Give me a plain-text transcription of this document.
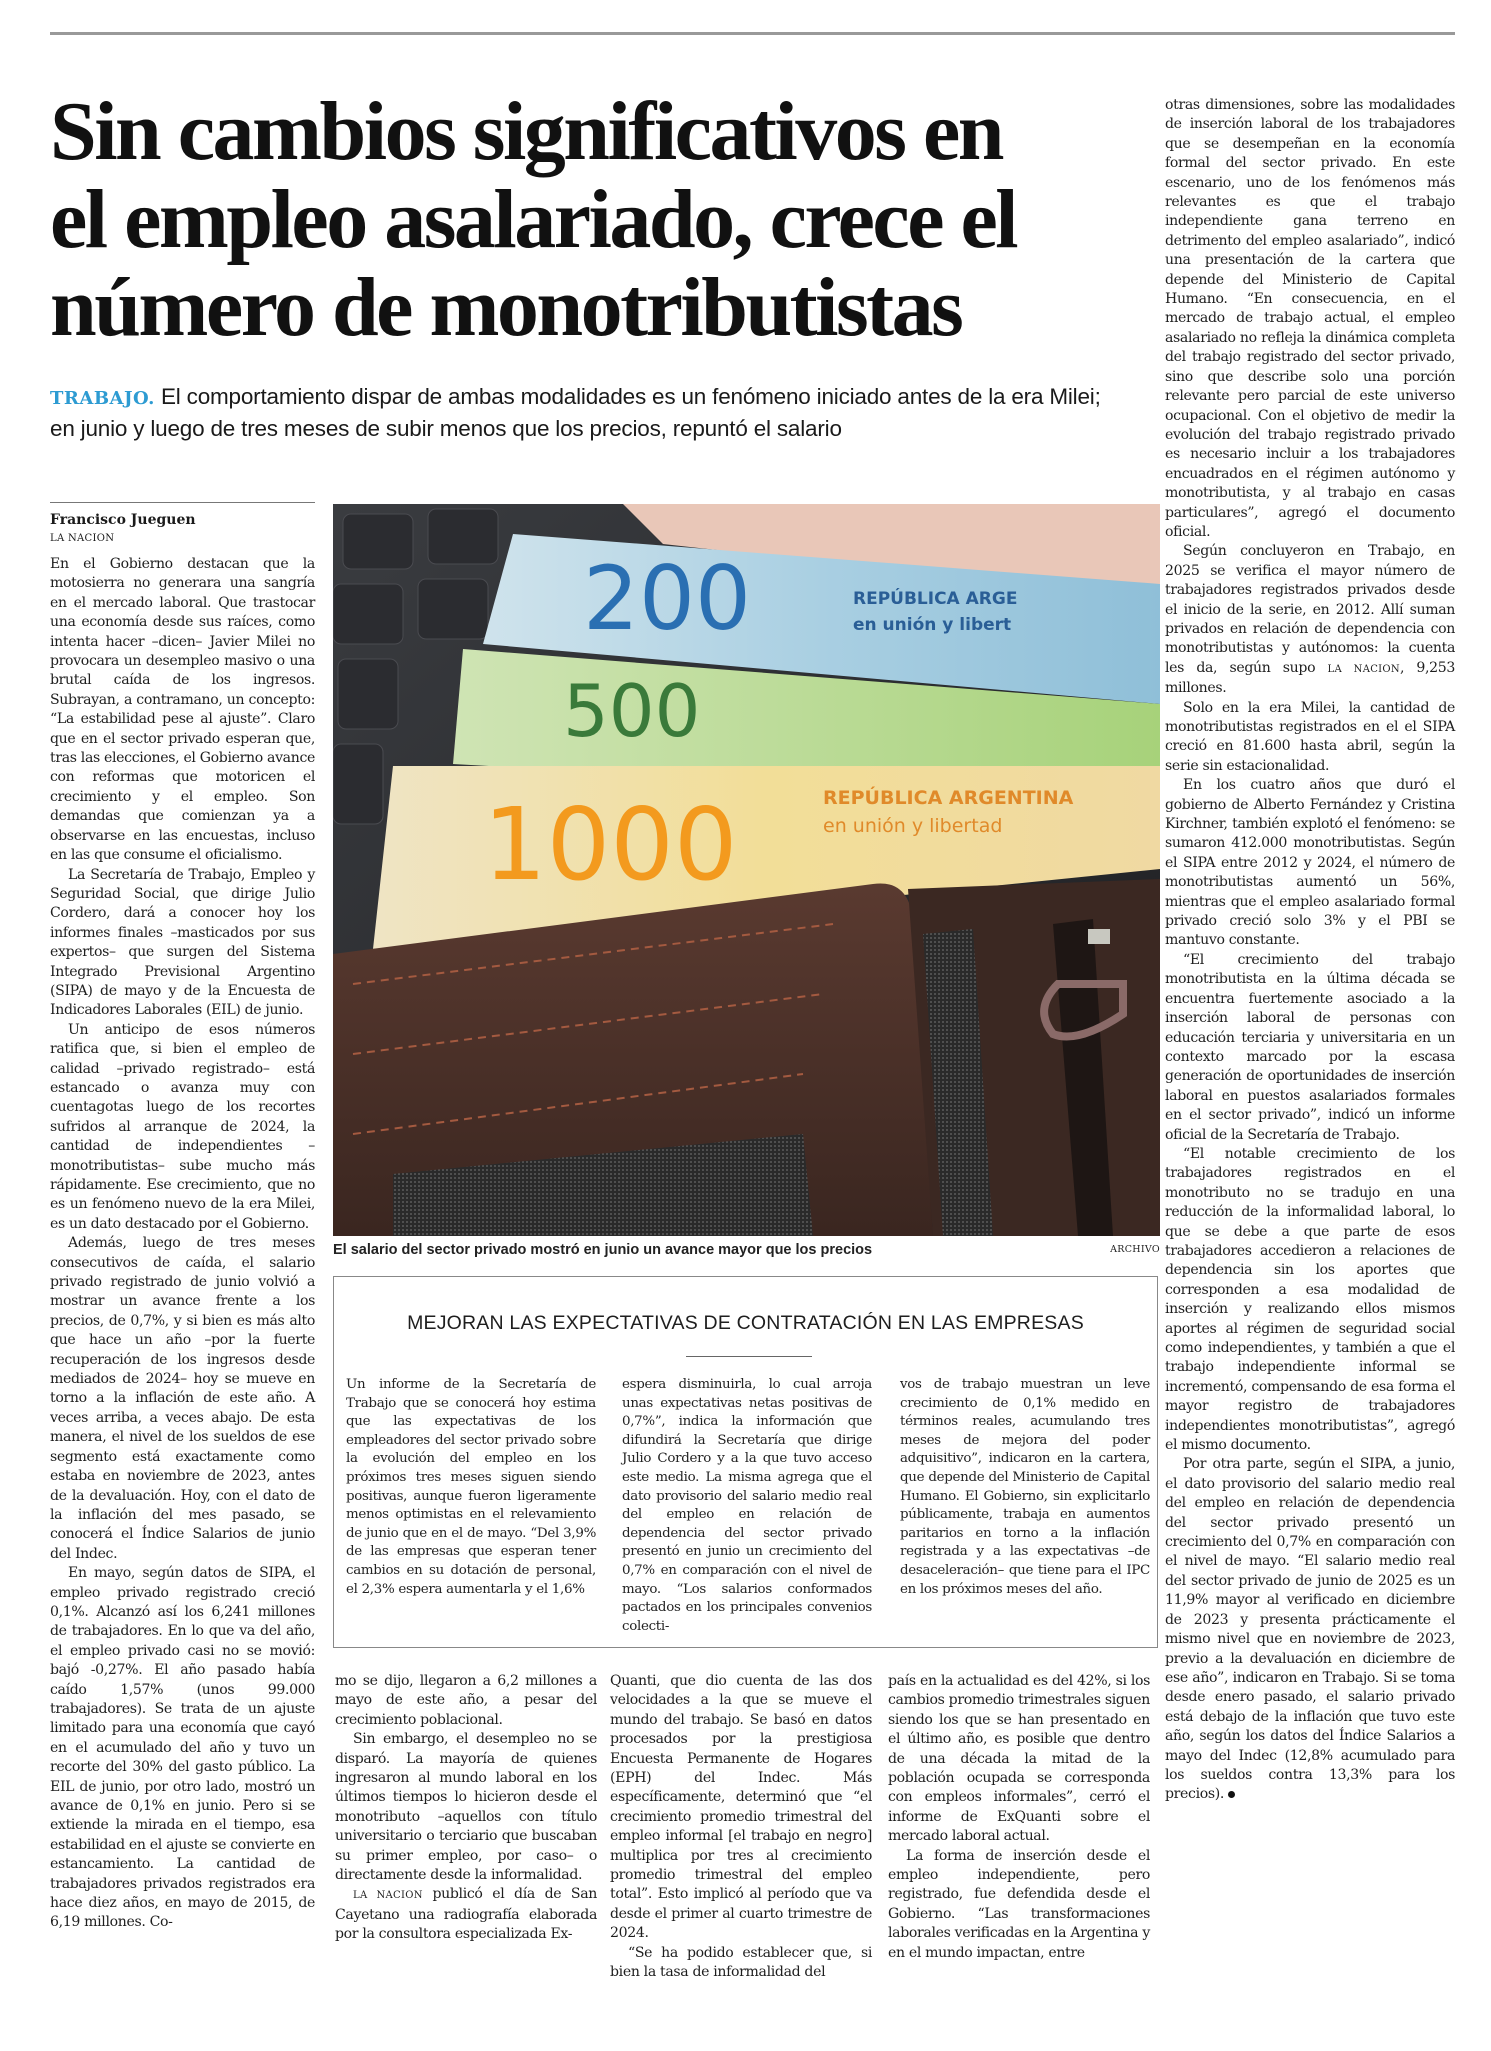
Sin cambios significativos en
el empleo asalariado, crece el
número de monotributistas
TRABAJO. El comportamiento dispar de ambas modalidades es un fenómeno iniciado antes de la era Milei; en junio y luego de tres meses de subir menos que los precios, repuntó el salario
Francisco Jueguen
LA NACION

En el Gobierno destacan que la motosierra no generara una sangría en el mercado laboral. Que trastocar una economía desde sus raíces, como intenta hacer –dicen– Javier Milei no provocara un desempleo masivo o una brutal caída de los ingresos. Subrayan, a contramano, un concepto: “La estabilidad pese al ajuste”. Claro que en el sector privado esperan que, tras las elecciones, el Gobierno avance con reformas que motoricen el crecimiento y el empleo. Son demandas que comienzan ya a observarse en las encuestas, incluso en las que consume el oficialismo.

La Secretaría de Trabajo, Empleo y Seguridad Social, que dirige Julio Cordero, dará a conocer hoy los informes finales –masticados por sus expertos– que surgen del Sistema Integrado Previsional Argentino (SIPA) de mayo y de la Encuesta de Indicadores Laborales (EIL) de junio.

Un anticipo de esos números ratifica que, si bien el empleo de calidad –privado registrado– está estancado o avanza muy con cuentagotas luego de los recortes sufridos al arranque de 2024, la cantidad de independientes –monotributistas– sube mucho más rápidamente. Ese crecimiento, que no es un fenómeno nuevo de la era Milei, es un dato destacado por el Gobierno.

Además, luego de tres meses consecutivos de caída, el salario privado registrado de junio volvió a mostrar un avance frente a los precios, de 0,7%, y si bien es más alto que hace un año –por la fuerte recuperación de los ingresos desde mediados de 2024– hoy se mueve en torno a la inflación de este año. A veces arriba, a veces abajo. De esta manera, el nivel de los sueldos de ese segmento está exactamente como estaba en noviembre de 2023, antes de la devaluación. Hoy, con el dato de la inflación del mes pasado, se conocerá el Índice Salarios de junio del Indec.

En mayo, según datos de SIPA, el empleo privado registrado creció 0,1%. Alcanzó así los 6,241 millones de trabajadores. En lo que va del año, el empleo privado casi no se movió: bajó -0,27%. El año pasado había caído 1,57% (unos 99.000 trabajadores). Se trata de un ajuste limitado para una economía que cayó en el acumulado del año y tuvo un recorte del 30% del gasto público. La EIL de junio, por otro lado, mostró un avance de 0,1% en junio. Pero si se extiende la mirada en el tiempo, esa estabilidad en el ajuste se convierte en estancamiento. La cantidad de trabajadores privados registrados era hace diez años, en mayo de 2015, de 6,19 millones. Co-

200	REPÚBLICA ARGE
en unión y libert
500
1000	REPÚBLICA ARGENTINA
en unión y libertad
El salario del sector privado mostró en junio un avance mayor que los precios	ARCHIVO
MEJORAN LAS EXPECTATIVAS DE CONTRATACIÓN EN LAS EMPRESAS

Un informe de la Secretaría de Trabajo que se conocerá hoy estima que las expectativas de los empleadores del sector privado sobre la evolución del empleo en los próximos tres meses siguen siendo positivas, aunque fueron ligeramente menos optimistas en el relevamiento de junio que en el de mayo. “Del 3,9% de las empresas que esperan tener cambios en su dotación de personal, el 2,3% espera aumentarla y el 1,6%

espera disminuirla, lo cual arroja unas expectativas netas positivas de 0,7%”, indica la información que difundirá la Secretaría que dirige Julio Cordero y a la que tuvo acceso este medio. La misma agrega que el dato provisorio del salario medio real del empleo en relación de dependencia del sector privado presentó en junio un crecimiento del 0,7% en comparación con el nivel de mayo. “Los salarios conformados pactados en los principales convenios colecti-

vos de trabajo muestran un leve crecimiento de 0,1% medido en términos reales, acumulando tres meses de mejora del poder adquisitivo”, indicaron en la cartera, que depende del Ministerio de Capital Humano. El Gobierno, sin explicitarlo públicamente, trabaja en aumentos paritarios en torno a la inflación registrada y a las expectativas –de desaceleración– que tiene para el IPC en los próximos meses del año.

mo se dijo, llegaron a 6,2 millones a mayo de este año, a pesar del crecimiento poblacional.

Sin embargo, el desempleo no se disparó. La mayoría de quienes ingresaron al mundo laboral en los últimos tiempos lo hicieron desde el monotributo –aquellos con título universitario o terciario que buscaban su primer empleo, por caso– o directamente desde la informalidad.

LA NACION publicó el día de San Cayetano una radiografía elaborada por la consultora especializada Ex-

Quanti, que dio cuenta de las dos velocidades a la que se mueve el mundo del trabajo. Se basó en datos procesados por la prestigiosa Encuesta Permanente de Hogares (EPH) del Indec. Más específicamente, determinó que “el crecimiento promedio trimestral del empleo informal [el trabajo en negro] multiplica por tres al crecimiento promedio trimestral del empleo total”. Esto implicó al período que va desde el primer al cuarto trimestre de 2024.

“Se ha podido establecer que, si bien la tasa de informalidad del

país en la actualidad es del 42%, si los cambios promedio trimestrales siguen siendo los que se han presentado en el último año, es posible que dentro de una década la mitad de la población ocupada se corresponda con empleos informales”, cerró el informe de ExQuanti sobre el mercado laboral actual.

La forma de inserción desde el empleo independiente, pero registrado, fue defendida desde el Gobierno. “Las transformaciones laborales verificadas en la Argentina y en el mundo impactan, entre

otras dimensiones, sobre las modalidades de inserción laboral de los trabajadores que se desempeñan en la economía formal del sector privado. En este escenario, uno de los fenómenos más relevantes es que el trabajo independiente gana terreno en detrimento del empleo asalariado”, indicó una presentación de la cartera que depende del Ministerio de Capital Humano. “En consecuencia, en el mercado de trabajo actual, el empleo asalariado no refleja la dinámica completa del trabajo registrado del sector privado, sino que describe solo una porción relevante pero parcial de este universo ocupacional. Con el objetivo de medir la evolución del trabajo registrado privado es necesario incluir a los trabajadores encuadrados en el régimen autónomo y monotributista, y al trabajo en casas particulares”, agregó el documento oficial.

Según concluyeron en Trabajo, en 2025 se verifica el mayor número de trabajadores registrados privados desde el inicio de la serie, en 2012. Allí suman privados en relación de dependencia con monotributistas y autónomos: la cuenta les da, según supo LA NACION, 9,253 millones.

Solo en la era Milei, la cantidad de monotributistas registrados en el el SIPA creció en 81.600 hasta abril, según la serie sin estacionalidad.

En los cuatro años que duró el gobierno de Alberto Fernández y Cristina Kirchner, también explotó el fenómeno: se sumaron 412.000 monotributistas. Según el SIPA entre 2012 y 2024, el número de monotributistas aumentó un 56%, mientras que el empleo asalariado formal privado creció solo 3% y el PBI se mantuvo constante.

“El crecimiento del trabajo monotributista en la última década se encuentra fuertemente asociado a la inserción laboral de personas con educación terciaria y universitaria en un contexto marcado por la escasa generación de oportunidades de inserción laboral en puestos asalariados formales en el sector privado”, indicó un informe oficial de la Secretaría de Trabajo.

“El notable crecimiento de los trabajadores registrados en el monotributo no se tradujo en una reducción de la informalidad laboral, lo que se debe a que parte de esos trabajadores accedieron a relaciones de dependencia sin los aportes que corresponden a esa modalidad de inserción y realizando ellos mismos aportes al régimen de seguridad social como independientes, y también a que el trabajo independiente informal se incrementó, compensando de esa forma el mayor registro de trabajadores independientes monotributistas”, agregó el mismo documento.

Por otra parte, según el SIPA, a junio, el dato provisorio del salario medio real del empleo en relación de dependencia del sector privado presentó un crecimiento del 0,7% en comparación con el nivel de mayo. “El salario medio real del sector privado de junio de 2025 es un 11,9% mayor al verificado en diciembre de 2023 y presenta prácticamente el mismo nivel que en noviembre de 2023, previo a la devaluación en diciembre de ese año”, indicaron en Trabajo. Si se toma desde enero pasado, el salario privado está debajo de la inflación que tuvo este año, según los datos del Índice Salarios a mayo del Indec (12,8% acumulado para los sueldos contra 13,3% para los precios).
